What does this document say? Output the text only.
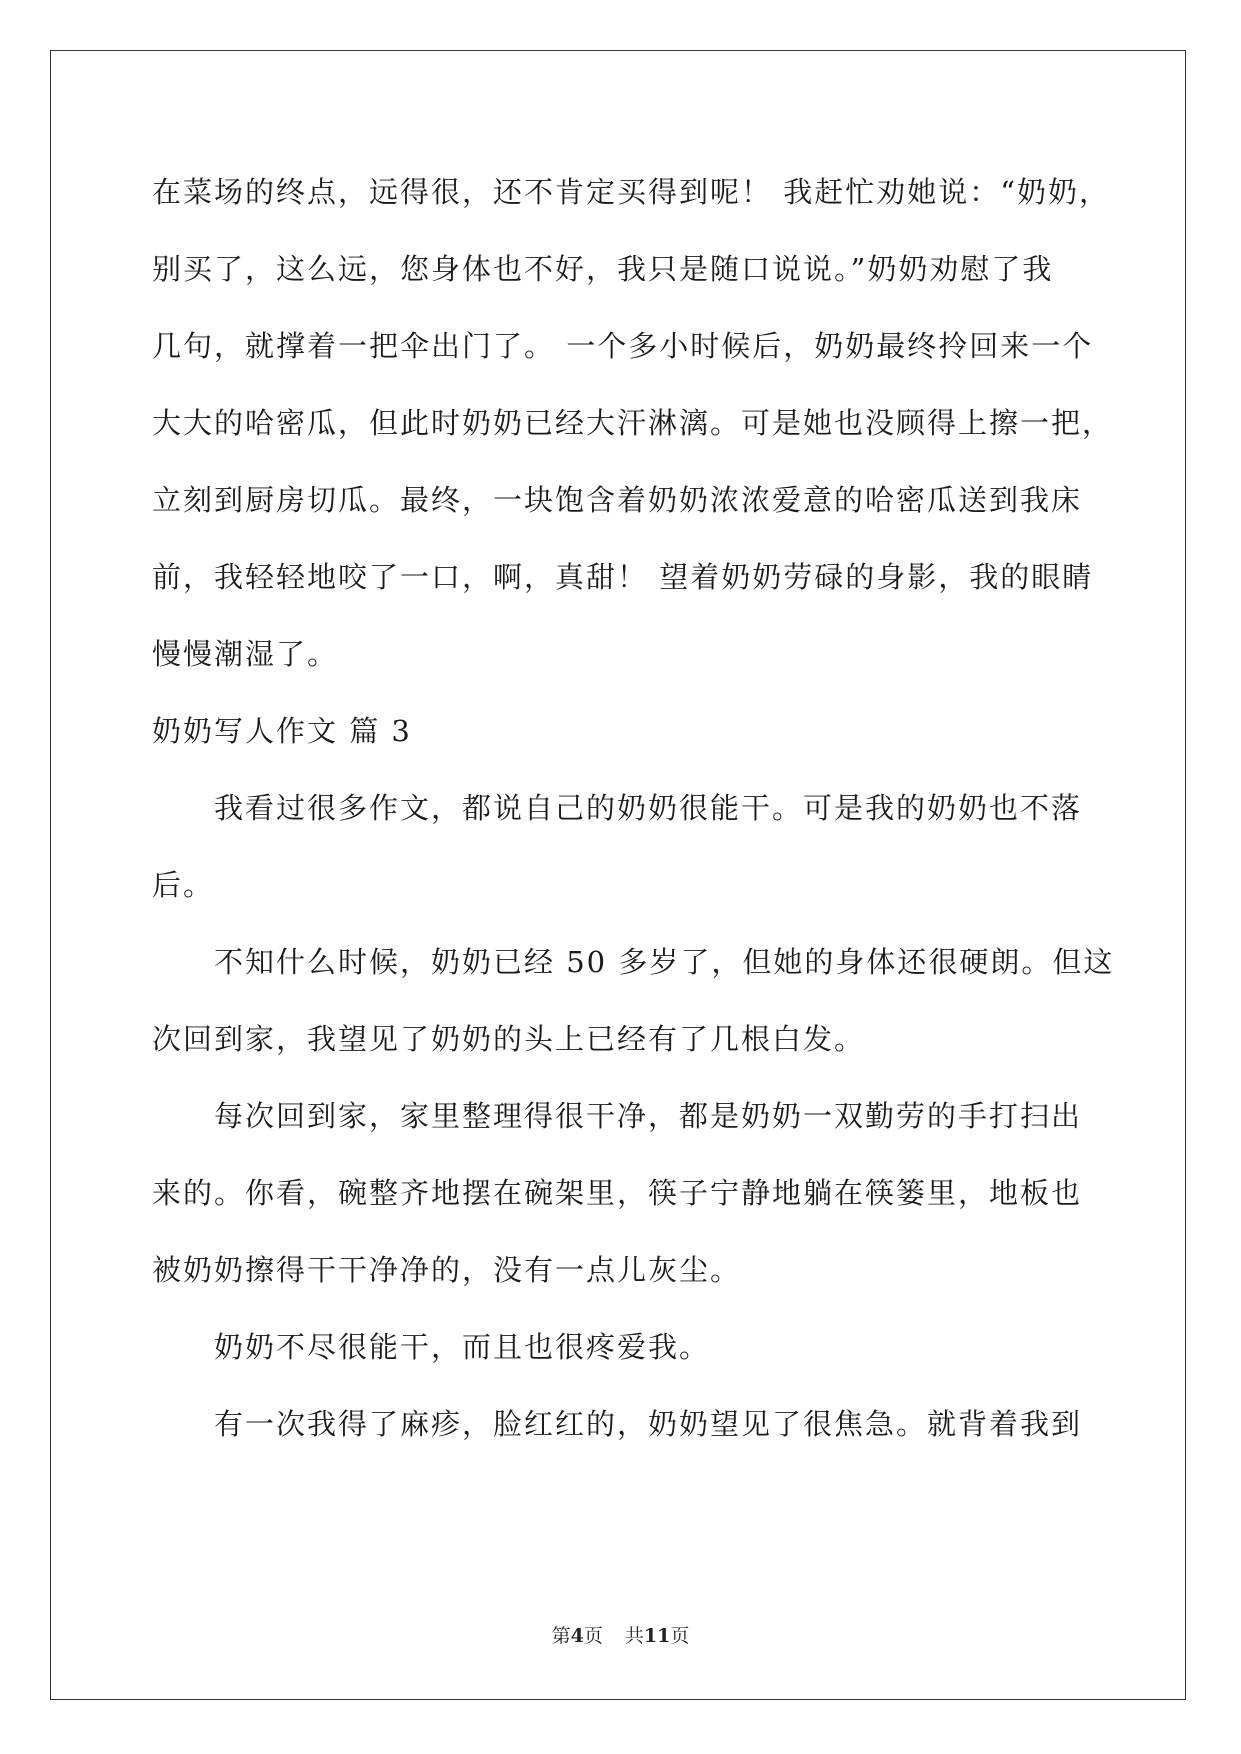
在菜场的终点，远得很，还不肯定买得到呢！ 我赶忙劝她说：“奶奶，
别买了，这么远，您身体也不好，我只是随口说说。”奶奶劝慰了我
几句，就撑着一把伞出门了。 一个多小时候后，奶奶最终拎回来一个
大大的哈密瓜，但此时奶奶已经大汗淋漓。可是她也没顾得上擦一把，
立刻到厨房切瓜。最终，一块饱含着奶奶浓浓爱意的哈密瓜送到我床
前，我轻轻地咬了一口，啊，真甜！ 望着奶奶劳碌的身影，我的眼睛
慢慢潮湿了。
奶奶写人作文 篇 3
我看过很多作文，都说自己的奶奶很能干。可是我的奶奶也不落
后。
不知什么时候，奶奶已经 50 多岁了，但她的身体还很硬朗。但这
次回到家，我望见了奶奶的头上已经有了几根白发。
每次回到家，家里整理得很干净，都是奶奶一双勤劳的手打扫出
来的。你看，碗整齐地摆在碗架里，筷子宁静地躺在筷篓里，地板也
被奶奶擦得干干净净的，没有一点儿灰尘。
奶奶不尽很能干，而且也很疼爱我。
有一次我得了麻疹，脸红红的，奶奶望见了很焦急。就背着我到
第4页 共11页
